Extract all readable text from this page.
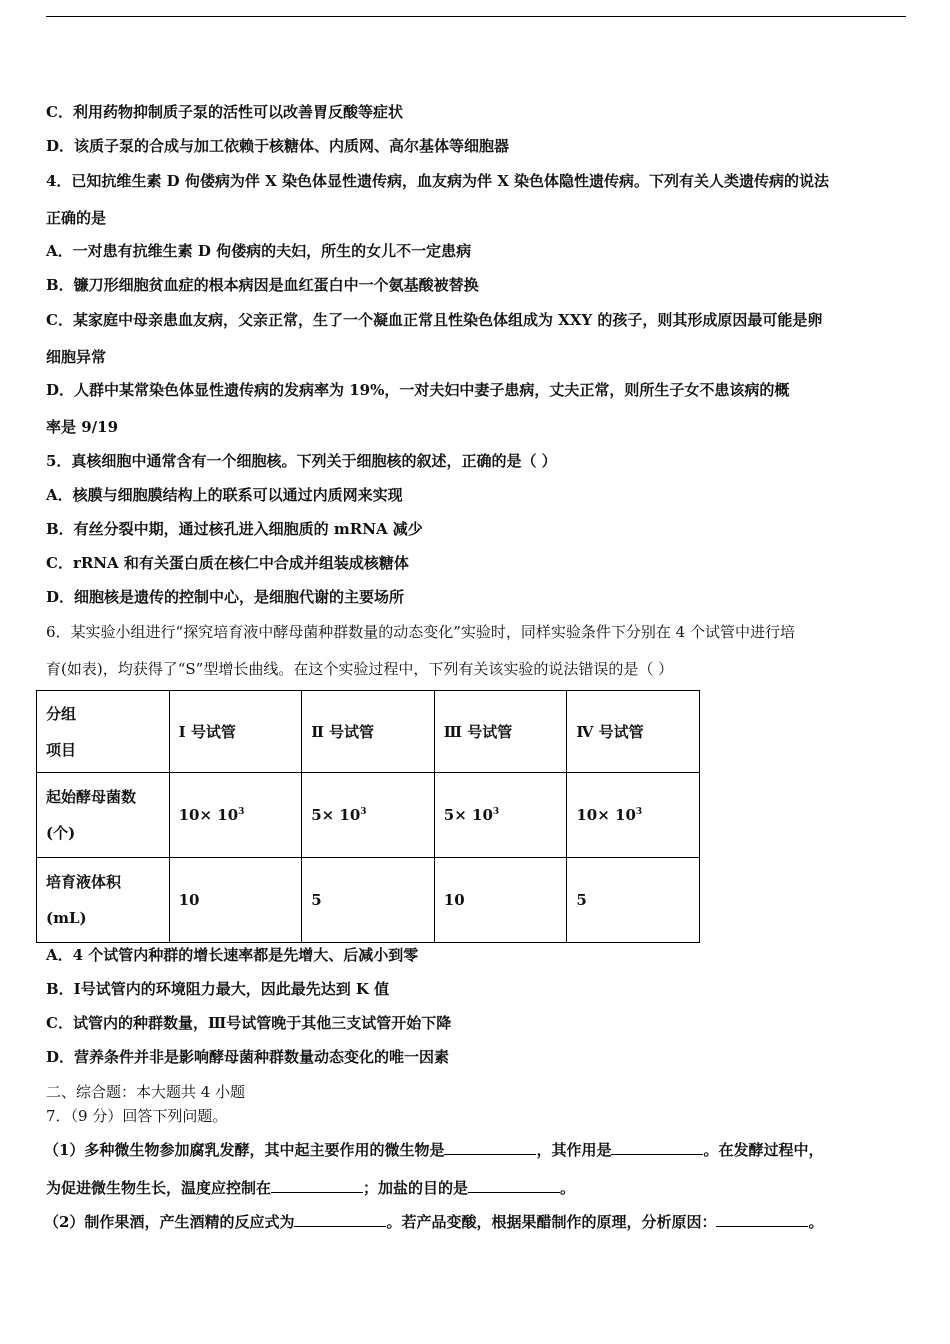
C．利用药物抑制质子泵的活性可以改善胃反酸等症状
D．该质子泵的合成与加工依赖于核糖体、内质网、高尔基体等细胞器
4．已知抗维生素 D 佝偻病为伴 X 染色体显性遗传病，血友病为伴 X 染色体隐性遗传病。下列有关人类遗传病的说法
正确的是
A．一对患有抗维生素 D 佝偻病的夫妇，所生的女儿不一定患病
B．镰刀形细胞贫血症的根本病因是血红蛋白中一个氨基酸被替换
C．某家庭中母亲患血友病，父亲正常，生了一个凝血正常且性染色体组成为 XXY 的孩子，则其形成原因最可能是卵
细胞异常
D．人群中某常染色体显性遗传病的发病率为 19%，一对夫妇中妻子患病，丈夫正常，则所生子女不患该病的概
率是 9/19
5．真核细胞中通常含有一个细胞核。下列关于细胞核的叙述，正确的是（ ）
A．核膜与细胞膜结构上的联系可以通过内质网来实现
B．有丝分裂中期，通过核孔进入细胞质的 mRNA 减少
C．rRNA 和有关蛋白质在核仁中合成并组装成核糖体
D．细胞核是遗传的控制中心，是细胞代谢的主要场所
6．某实验小组进行“探究培育液中酵母菌种群数量的动态变化”实验时，同样实验条件下分别在 4 个试管中进行培
育(如表)，均获得了“S”型增长曲线。在这个实验过程中，下列有关该实验的说法错误的是（ ）
分组
项目	Ⅰ 号试管	Ⅱ 号试管	Ⅲ 号试管	Ⅳ 号试管

起始酵母菌数
(个)	$10\times 10^3$	$5\times 10^3$	$5\times 10^3$	$10\times 10^3$

培育液体积
(mL)	10	5	10	5
A．4 个试管内种群的增长速率都是先增大、后减小到零
B．Ⅰ号试管内的环境阻力最大，因此最先达到 K 值
C．试管内的种群数量，Ⅲ号试管晚于其他三支试管开始下降
D．营养条件并非是影响酵母菌种群数量动态变化的唯一因素
二、综合题：本大题共 4 小题
7．（9 分）回答下列问题。
（1）多种微生物参加腐乳发酵，其中起主要作用的微生物是	，其作用是	。在发酵过程中，
为促进微生物生长，温度应控制在	；加盐的目的是	。
（2）制作果酒，产生酒精的反应式为	。若产品变酸，根据果醋制作的原理，分析原因：	。
